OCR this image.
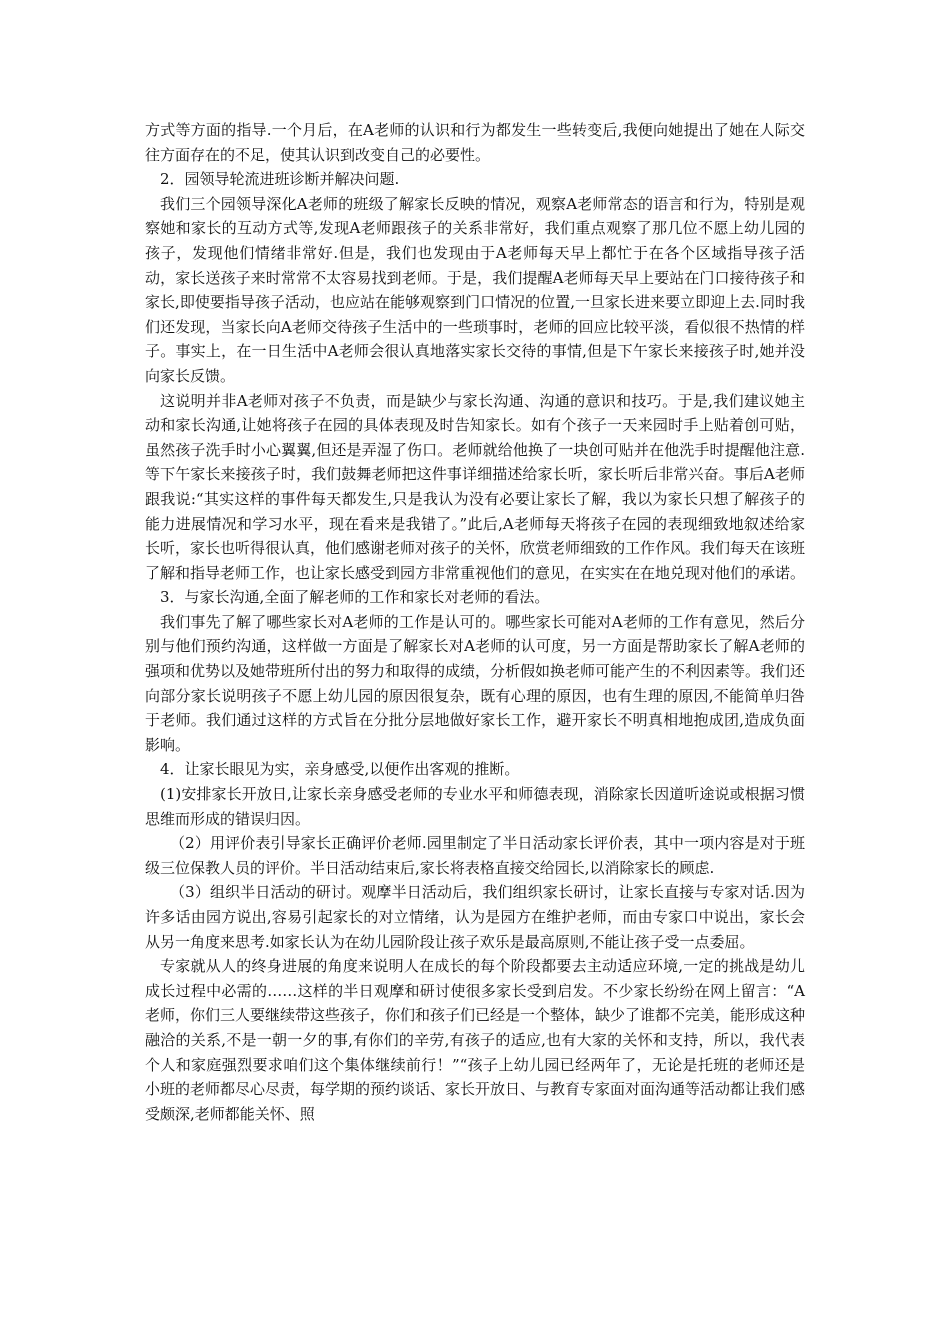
方式等方面的指导.一个月后，在A老师的认识和行为都发生一些转变后,我便向她提出了她在人际交往方面存在的不足，使其认识到改变自己的必要性。

2．园领导轮流进班诊断并解决问题.

我们三个园领导深化A老师的班级了解家长反映的情况，观察A老师常态的语言和行为，特别是观察她和家长的互动方式等,发现A老师跟孩子的关系非常好，我们重点观察了那几位不愿上幼儿园的孩子，发现他们情绪非常好.但是，我们也发现由于A老师每天早上都忙于在各个区域指导孩子活动，家长送孩子来时常常不太容易找到老师。于是，我们提醒A老师每天早上要站在门口接待孩子和家长,即使要指导孩子活动，也应站在能够观察到门口情况的位置,一旦家长进来要立即迎上去.同时我们还发现，当家长向A老师交待孩子生活中的一些琐事时，老师的回应比较平淡，看似很不热情的样子。事实上，在一日生活中A老师会很认真地落实家长交待的事情,但是下午家长来接孩子时,她并没向家长反馈。

这说明并非A老师对孩子不负责，而是缺少与家长沟通、沟通的意识和技巧。于是,我们建议她主动和家长沟通,让她将孩子在园的具体表现及时告知家长。如有个孩子一天来园时手上贴着创可贴，虽然孩子洗手时小心翼翼,但还是弄湿了伤口。老师就给他换了一块创可贴并在他洗手时提醒他注意.等下午家长来接孩子时，我们鼓舞老师把这件事详细描述给家长听，家长听后非常兴奋。事后A老师跟我说:“其实这样的事件每天都发生,只是我认为没有必要让家长了解，我以为家长只想了解孩子的能力进展情况和学习水平，现在看来是我错了。”此后,A老师每天将孩子在园的表现细致地叙述给家长听，家长也听得很认真，他们感谢老师对孩子的关怀，欣赏老师细致的工作作风。我们每天在该班了解和指导老师工作，也让家长感受到园方非常重视他们的意见，在实实在在地兑现对他们的承诺。

3．与家长沟通,全面了解老师的工作和家长对老师的看法。

我们事先了解了哪些家长对A老师的工作是认可的。哪些家长可能对A老师的工作有意见，然后分别与他们预约沟通，这样做一方面是了解家长对A老师的认可度，另一方面是帮助家长了解A老师的强项和优势以及她带班所付出的努力和取得的成绩，分析假如换老师可能产生的不利因素等。我们还向部分家长说明孩子不愿上幼儿园的原因很复杂，既有心理的原因，也有生理的原因,不能简单归咎于老师。我们通过这样的方式旨在分批分层地做好家长工作，避开家长不明真相地抱成团,造成负面影响。

4．让家长眼见为实，亲身感受,以便作出客观的推断。

(1)安排家长开放日,让家长亲身感受老师的专业水平和师德表现，消除家长因道听途说或根据习惯思维而形成的错误归因。

（2）用评价表引导家长正确评价老师.园里制定了半日活动家长评价表，其中一项内容是对于班级三位保教人员的评价。半日活动结束后,家长将表格直接交给园长,以消除家长的顾虑.

（3）组织半日活动的研讨。观摩半日活动后，我们组织家长研讨，让家长直接与专家对话.因为许多话由园方说出,容易引起家长的对立情绪，认为是园方在维护老师，而由专家口中说出，家长会从另一角度来思考.如家长认为在幼儿园阶段让孩子欢乐是最高原则,不能让孩子受一点委屈。

专家就从人的终身进展的角度来说明人在成长的每个阶段都要去主动适应环境,一定的挑战是幼儿成长过程中必需的……这样的半日观摩和研讨使很多家长受到启发。不少家长纷纷在网上留言：“A老师，你们三人要继续带这些孩子，你们和孩子们已经是一个整体，缺少了谁都不完美，能形成这种融洽的关系,不是一朝一夕的事,有你们的辛劳,有孩子的适应,也有大家的关怀和支持，所以，我代表个人和家庭强烈要求咱们这个集体继续前行！”“孩子上幼儿园已经两年了，无论是托班的老师还是小班的老师都尽心尽责，每学期的预约谈话、家长开放日、与教育专家面对面沟通等活动都让我们感受颇深,老师都能关怀、照
